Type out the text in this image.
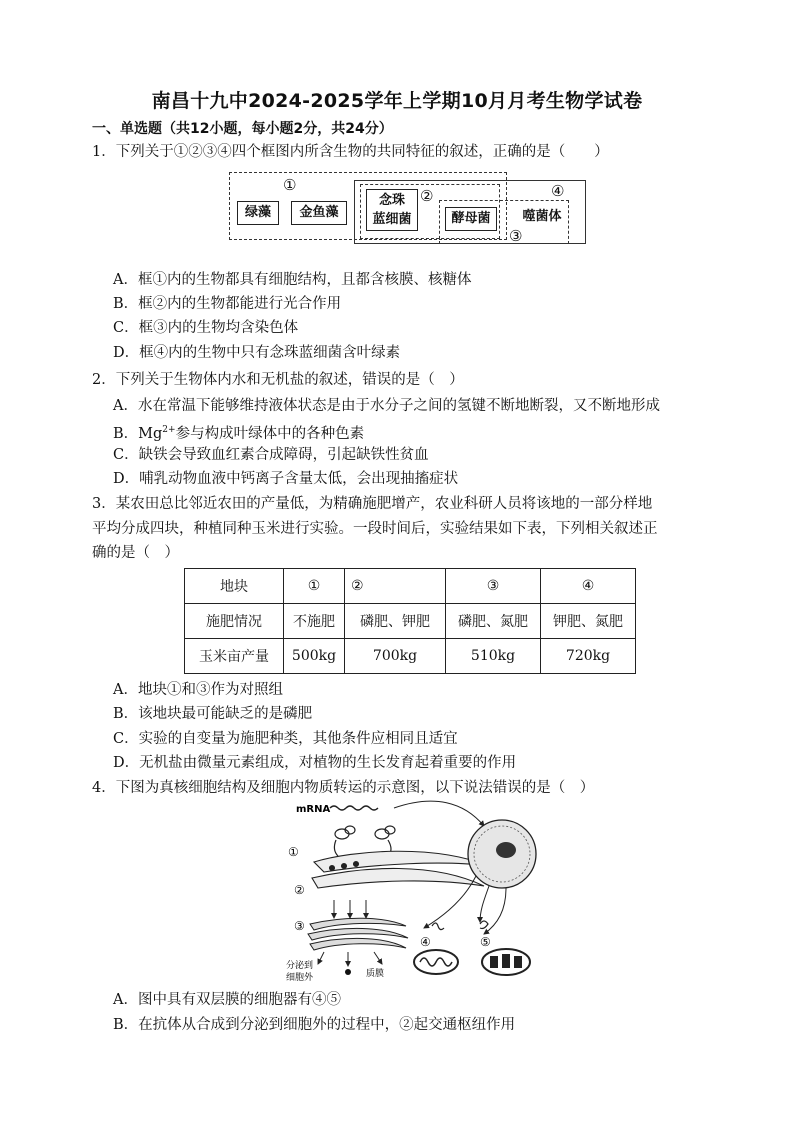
南昌十九中2024-2025学年上学期10月月考生物学试卷
一、单选题（共12小题，每小题2分，共24分）
1．下列关于①②③④四个框图内所含生物的共同特征的叙述，正确的是（　　）
①
②
③
④
绿藻	金鱼藻
念珠
蓝细菌	酵母菌	噬菌体
A．框①内的生物都具有细胞结构，且都含核膜、核糖体
B．框②内的生物都能进行光合作用
C．框③内的生物均含染色体
D．框④内的生物中只有念珠蓝细菌含叶绿素
2．下列关于生物体内水和无机盐的叙述，错误的是（　）
A．水在常温下能够维持液体状态是由于水分子之间的氢键不断地断裂，又不断地形成
B．$Mg^{2+}$参与构成叶绿体中的各种色素
C．缺铁会导致血红素合成障碍，引起缺铁性贫血
D．哺乳动物血液中钙离子含量太低，会出现抽搐症状
3．某农田总比邻近农田的产量低，为精确施肥增产，农业科研人员将该地的一部分样地
平均分成四块，种植同种玉米进行实验。一段时间后，实验结果如下表，下列相关叙述正
确的是（　）
地块	①	②	③	④
施肥情况	不施肥	磷肥、钾肥	磷肥、氮肥	钾肥、氮肥
玉米亩产量	500kg	700kg	510kg	720kg
A．地块①和③作为对照组
B．该地块最可能缺乏的是磷肥
C．实验的自变量为施肥种类，其他条件应相同且适宜
D．无机盐由微量元素组成，对植物的生长发育起着重要的作用
4．下图为真核细胞结构及细胞内物质转运的示意图，以下说法错误的是（　）
mRNA
①
②
③
分泌到
细胞外	质膜
④	⑤
A．图中具有双层膜的细胞器有④⑤
B．在抗体从合成到分泌到细胞外的过程中，②起交通枢纽作用
